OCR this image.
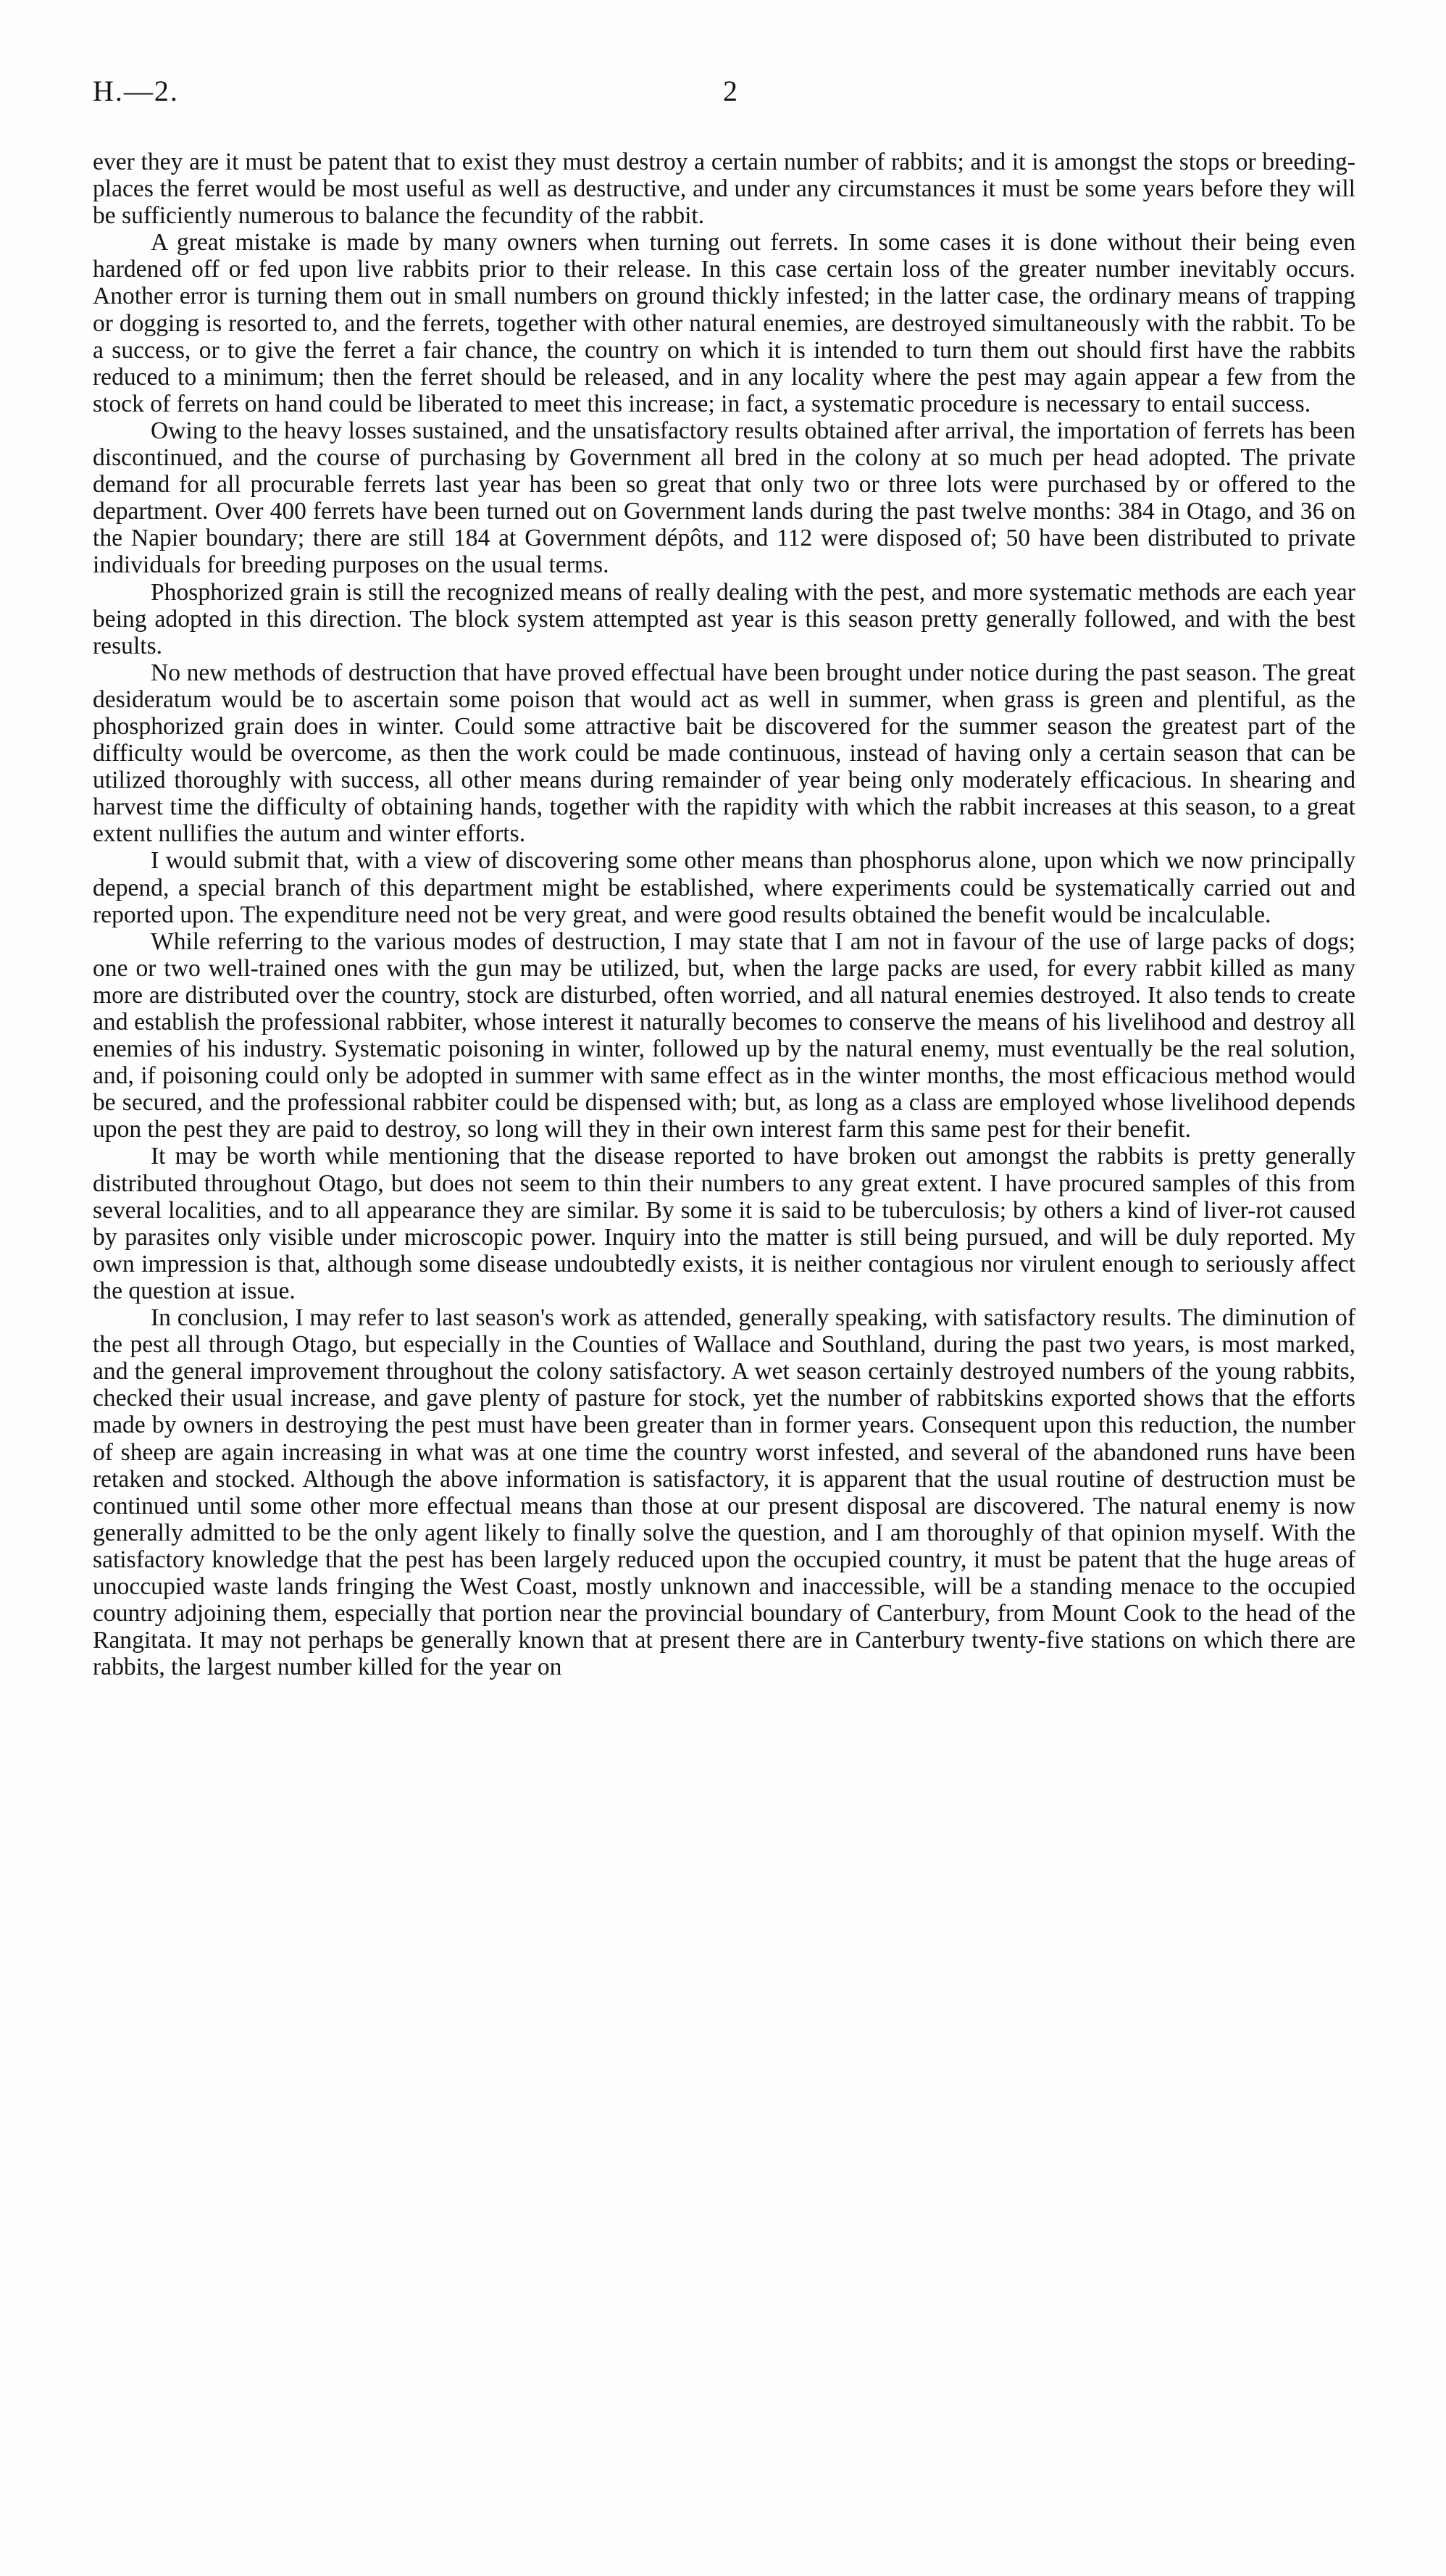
H.—2.	2

ever they are it must be patent that to exist they must destroy a certain number of rabbits; and it is amongst the stops or breeding-places the ferret would be most useful as well as destructive, and under any circumstances it must be some years before they will be sufficiently numerous to balance the fecundity of the rabbit.

A great mistake is made by many owners when turning out ferrets. In some cases it is done without their being even hardened off or fed upon live rabbits prior to their release. In this case certain loss of the greater number inevitably occurs. Another error is turning them out in small numbers on ground thickly infested; in the latter case, the ordinary means of trapping or dogging is resorted to, and the ferrets, together with other natural enemies, are destroyed simultaneously with the rabbit. To be a success, or to give the ferret a fair chance, the country on which it is intended to turn them out should first have the rabbits reduced to a minimum; then the ferret should be released, and in any locality where the pest may again appear a few from the stock of ferrets on hand could be liberated to meet this increase; in fact, a systematic procedure is necessary to entail success.

Owing to the heavy losses sustained, and the unsatisfactory results obtained after arrival, the importation of ferrets has been discontinued, and the course of purchasing by Government all bred in the colony at so much per head adopted. The private demand for all procurable ferrets last year has been so great that only two or three lots were purchased by or offered to the department. Over 400 ferrets have been turned out on Government lands during the past twelve months: 384 in Otago, and 36 on the Napier boundary; there are still 184 at Government dépôts, and 112 were disposed of; 50 have been distributed to private individuals for breeding purposes on the usual terms.

Phosphorized grain is still the recognized means of really dealing with the pest, and more systematic methods are each year being adopted in this direction. The block system attempted ast year is this season pretty generally followed, and with the best results.

No new methods of destruction that have proved effectual have been brought under notice during the past season. The great desideratum would be to ascertain some poison that would act as well in summer, when grass is green and plentiful, as the phosphorized grain does in winter. Could some attractive bait be discovered for the summer season the greatest part of the difficulty would be overcome, as then the work could be made continuous, instead of having only a certain season that can be utilized thoroughly with success, all other means during remainder of year being only moderately efficacious. In shearing and harvest time the difficulty of obtaining hands, together with the rapidity with which the rabbit increases at this season, to a great extent nullifies the autum and winter efforts.

I would submit that, with a view of discovering some other means than phosphorus alone, upon which we now principally depend, a special branch of this department might be established, where experiments could be systematically carried out and reported upon. The expenditure need not be very great, and were good results obtained the benefit would be incalculable.

While referring to the various modes of destruction, I may state that I am not in favour of the use of large packs of dogs; one or two well-trained ones with the gun may be utilized, but, when the large packs are used, for every rabbit killed as many more are distributed over the country, stock are disturbed, often worried, and all natural enemies destroyed. It also tends to create and establish the professional rabbiter, whose interest it naturally becomes to conserve the means of his livelihood and destroy all enemies of his industry. Systematic poisoning in winter, followed up by the natural enemy, must eventually be the real solution, and, if poisoning could only be adopted in summer with same effect as in the winter months, the most efficacious method would be secured, and the professional rabbiter could be dispensed with; but, as long as a class are employed whose livelihood depends upon the pest they are paid to destroy, so long will they in their own interest farm this same pest for their benefit.

It may be worth while mentioning that the disease reported to have broken out amongst the rabbits is pretty generally distributed throughout Otago, but does not seem to thin their numbers to any great extent. I have procured samples of this from several localities, and to all appearance they are similar. By some it is said to be tuberculosis; by others a kind of liver-rot caused by parasites only visible under microscopic power. Inquiry into the matter is still being pursued, and will be duly reported. My own impression is that, although some disease undoubtedly exists, it is neither contagious nor virulent enough to seriously affect the question at issue.

In conclusion, I may refer to last season's work as attended, generally speaking, with satisfactory results. The diminution of the pest all through Otago, but especially in the Counties of Wallace and Southland, during the past two years, is most marked, and the general improvement throughout the colony satisfactory. A wet season certainly destroyed numbers of the young rabbits, checked their usual increase, and gave plenty of pasture for stock, yet the number of rabbitskins exported shows that the efforts made by owners in destroying the pest must have been greater than in former years. Consequent upon this reduction, the number of sheep are again increasing in what was at one time the country worst infested, and several of the abandoned runs have been retaken and stocked. Although the above information is satisfactory, it is apparent that the usual routine of destruction must be continued until some other more effectual means than those at our present disposal are discovered. The natural enemy is now generally admitted to be the only agent likely to finally solve the question, and I am thoroughly of that opinion myself. With the satisfactory knowledge that the pest has been largely reduced upon the occupied country, it must be patent that the huge areas of unoccupied waste lands fringing the West Coast, mostly unknown and inaccessible, will be a standing menace to the occupied country adjoining them, especially that portion near the provincial boundary of Canterbury, from Mount Cook to the head of the Rangitata. It may not perhaps be generally known that at present there are in Canterbury twenty-five stations on which there are rabbits, the largest number killed for the year on
